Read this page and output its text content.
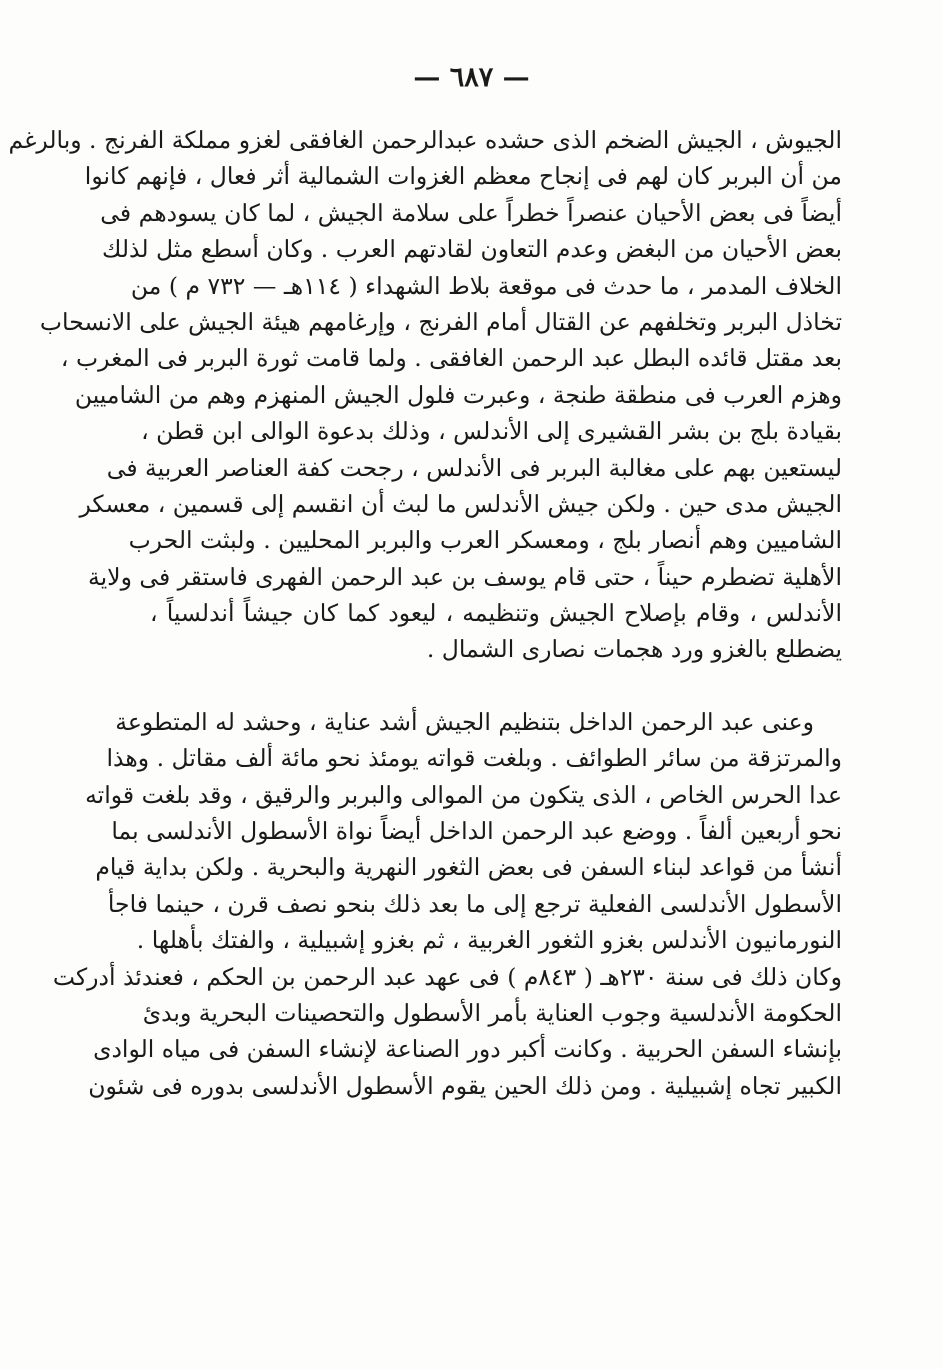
— ٦٨٧ —
الجيوش ، الجيش الضخم الذى حشده عبدالرحمن الغافقى لغزو مملكة الفرنج . وبالرغم
من أن البربر كان لهم فى إنجاح معظم الغزوات الشمالية أثر فعال ، فإنهم كانوا
أيضاً فى بعض الأحيان عنصراً خطراً على سلامة الجيش ، لما كان يسودهم فى
بعض الأحيان من البغض وعدم التعاون لقادتهم العرب . وكان أسطع مثل لذلك
الخلاف المدمر ، ما حدث فى موقعة بلاط الشهداء ( ١١٤هـ — ٧٣٢ م ) من
تخاذل البربر وتخلفهم عن القتال أمام الفرنج ، وإرغامهم هيئة الجيش على الانسحاب
بعد مقتل قائده البطل عبد الرحمن الغافقى . ولما قامت ثورة البربر فى المغرب ،
وهزم العرب فى منطقة طنجة ، وعبرت فلول الجيش المنهزم وهم من الشاميين
بقيادة بلج بن بشر القشيرى إلى الأندلس ، وذلك بدعوة الوالى ابن قطن ،
ليستعين بهم على مغالبة البربر فى الأندلس ، رجحت كفة العناصر العربية فى
الجيش مدى حين . ولكن جيش الأندلس ما لبث أن انقسم إلى قسمين ، معسكر
الشاميين وهم أنصار بلج ، ومعسكر العرب والبربر المحليين . ولبثت الحرب
الأهلية تضطرم حيناً ، حتى قام يوسف بن عبد الرحمن الفهرى فاستقر فى ولاية
الأندلس ، وقام بإصلاح الجيش وتنظيمه ، ليعود كما كان جيشاً أندلسياً ،
يضطلع بالغزو ورد هجمات نصارى الشمال .
وعنى عبد الرحمن الداخل بتنظيم الجيش أشد عناية ، وحشد له المتطوعة
والمرتزقة من سائر الطوائف . وبلغت قواته يومئذ نحو مائة ألف مقاتل . وهذا
عدا الحرس الخاص ، الذى يتكون من الموالى والبربر والرقيق ، وقد بلغت قواته
نحو أربعين ألفاً . ووضع عبد الرحمن الداخل أيضاً نواة الأسطول الأندلسى بما
أنشأ من قواعد لبناء السفن فى بعض الثغور النهرية والبحرية . ولكن بداية قيام
الأسطول الأندلسى الفعلية ترجع إلى ما بعد ذلك بنحو نصف قرن ، حينما فاجأ
النورمانيون الأندلس بغزو الثغور الغربية ، ثم بغزو إشبيلية ، والفتك بأهلها .
وكان ذلك فى سنة ٢٣٠هـ ( ٨٤٣م ) فى عهد عبد الرحمن بن الحكم ، فعندئذ أدركت
الحكومة الأندلسية وجوب العناية بأمر الأسطول والتحصينات البحرية وبدئ
بإنشاء السفن الحربية . وكانت أكبر دور الصناعة لإنشاء السفن فى مياه الوادى
الكبير تجاه إشبيلية . ومن ذلك الحين يقوم الأسطول الأندلسى بدوره فى شئون
